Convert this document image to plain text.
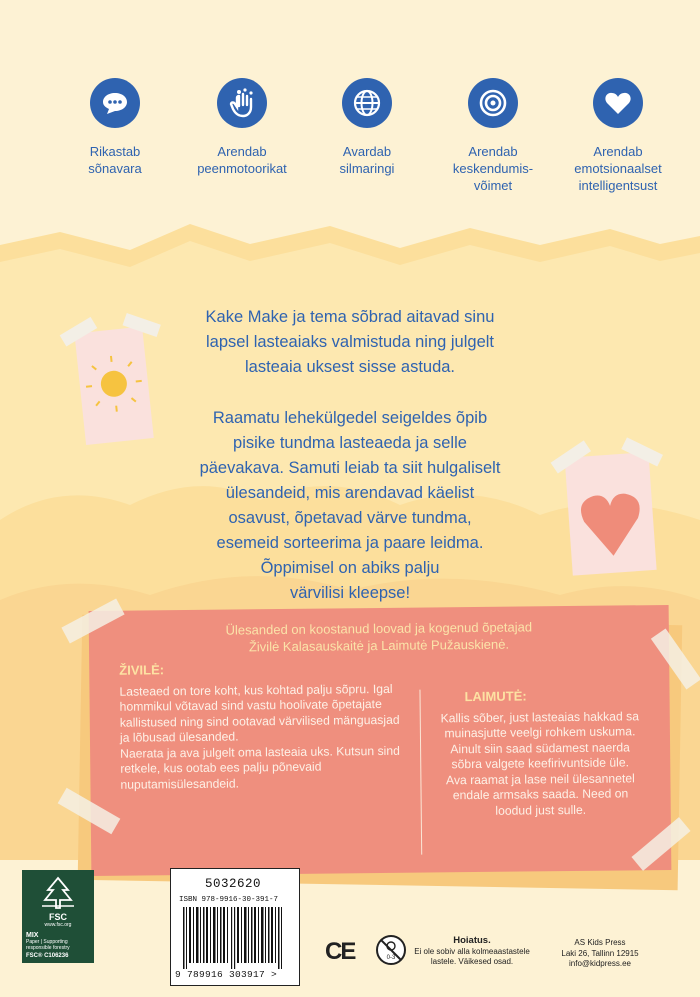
Rikastab
sõnavara
Arendab
peenmotoorikat
Avardab
silmaringi
Arendab
keskendumis-
võimet
Arendab
emotsionaalset
intelligentsust

Kake Make ja tema sõbrad aitavad sinu
lapsel lasteaiaks valmistuda ning julgelt
lasteaia uksest sisse astuda.

Raamatu lehekülgedel seigeldes õpib
pisike tundma lasteaeda ja selle
päevakava. Samuti leiab ta siit hulgaliselt
ülesandeid, mis arendavad käelist
osavust, õpetavad värve tundma,
esemeid sorteerima ja paare leidma.
Õppimisel on abiks palju
värvilisi kleepse!

Ülesanded on koostanud loovad ja kogenud õpetajad
Živilė Kalasauskaitė ja Laimutė Pužauskienė.
ŽIVILĖ:

Lasteaed on tore koht, kus kohtad palju sõpru. Igal hommikul võtavad sind vastu hoolivate õpetajate kallistused ning sind ootavad värvilised mänguasjad ja lõbusad ülesanded.

Naerata ja ava julgelt oma lasteaia uks. Kutsun sind retkele, kus ootab ees palju põnevaid nuputamisülesandeid.

LAIMUTĖ:

Kallis sõber, just lasteaias hakkad sa muinasjutte veelgi rohkem uskuma. Ainult siin saad südamest naerda sõbra valgete keefirivuntside üle.

Ava raamat ja lase neil ülesannetel endale armsaks saada. Need on loodud just sulle.

FSC
www.fsc.org
MIX
Paper | Supporting responsible forestry
FSC® C106236
5032620
ISBN 978-9916-30-391-7
9 789916 303917 >
CE	0-3
Hoiatus.
Ei ole sobiv alla kolmeaastastele lastele. Väikesed osad.
AS Kids Press
Laki 26, Tallinn 12915
info@kidpress.ee
